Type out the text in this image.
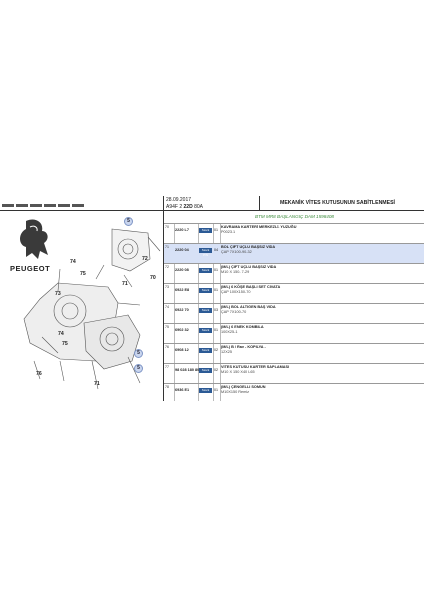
28.09.2017
A94F 2 22D 80A
MEKANİK VİTES KUTUSUNUN SABİTLENMESİ
PEUGEOT
74
75
72
70
71
73
74
75
76
71
5
5
5
BTM MR8 BAŞLANGIÇ DAM 1598408
70
2220 L7	Stock P/N
01
KAVRAMA KARTERİ MERKEZLİ. YUZUĞU
P0023.1
71
2220 04	Stock P/N
04
BOL ÇIFT UÇLU BAŞSIZ VIDA
ÇAP 7X100-90-32
72
2220 08	Stock P/N
01
(M/L) ÇIFT UÇLU BAŞSIZ VIDA
M10 X 150- 7-29
73
6922 E8	Stock P/N
01
(M/L) 6 KÖŞE BAŞLI SET CIVATA
ÇAP 100X150-70
74
6922 70	Stock P/N
03
(M/L) BOL ALTIGEN BAŞ VIDA
ÇAP 7X100-70
75
6902 32	Stock P/N
01
(M/L) 6 ENEK KOMBILA
100X25-1
76
6908 12	Stock P/N
02
(M/L) B / Rav - KOPILYA -
12X25
77
98 028 180 80 Stock P/N
02
VITES KUTUSU KARTER SAPLAMASI
M10 X 150 X40 L65
78
6936 E1	Stock P/N
01
(M/L) ÇENGELLI SOMUN
M10X150 Remiz
